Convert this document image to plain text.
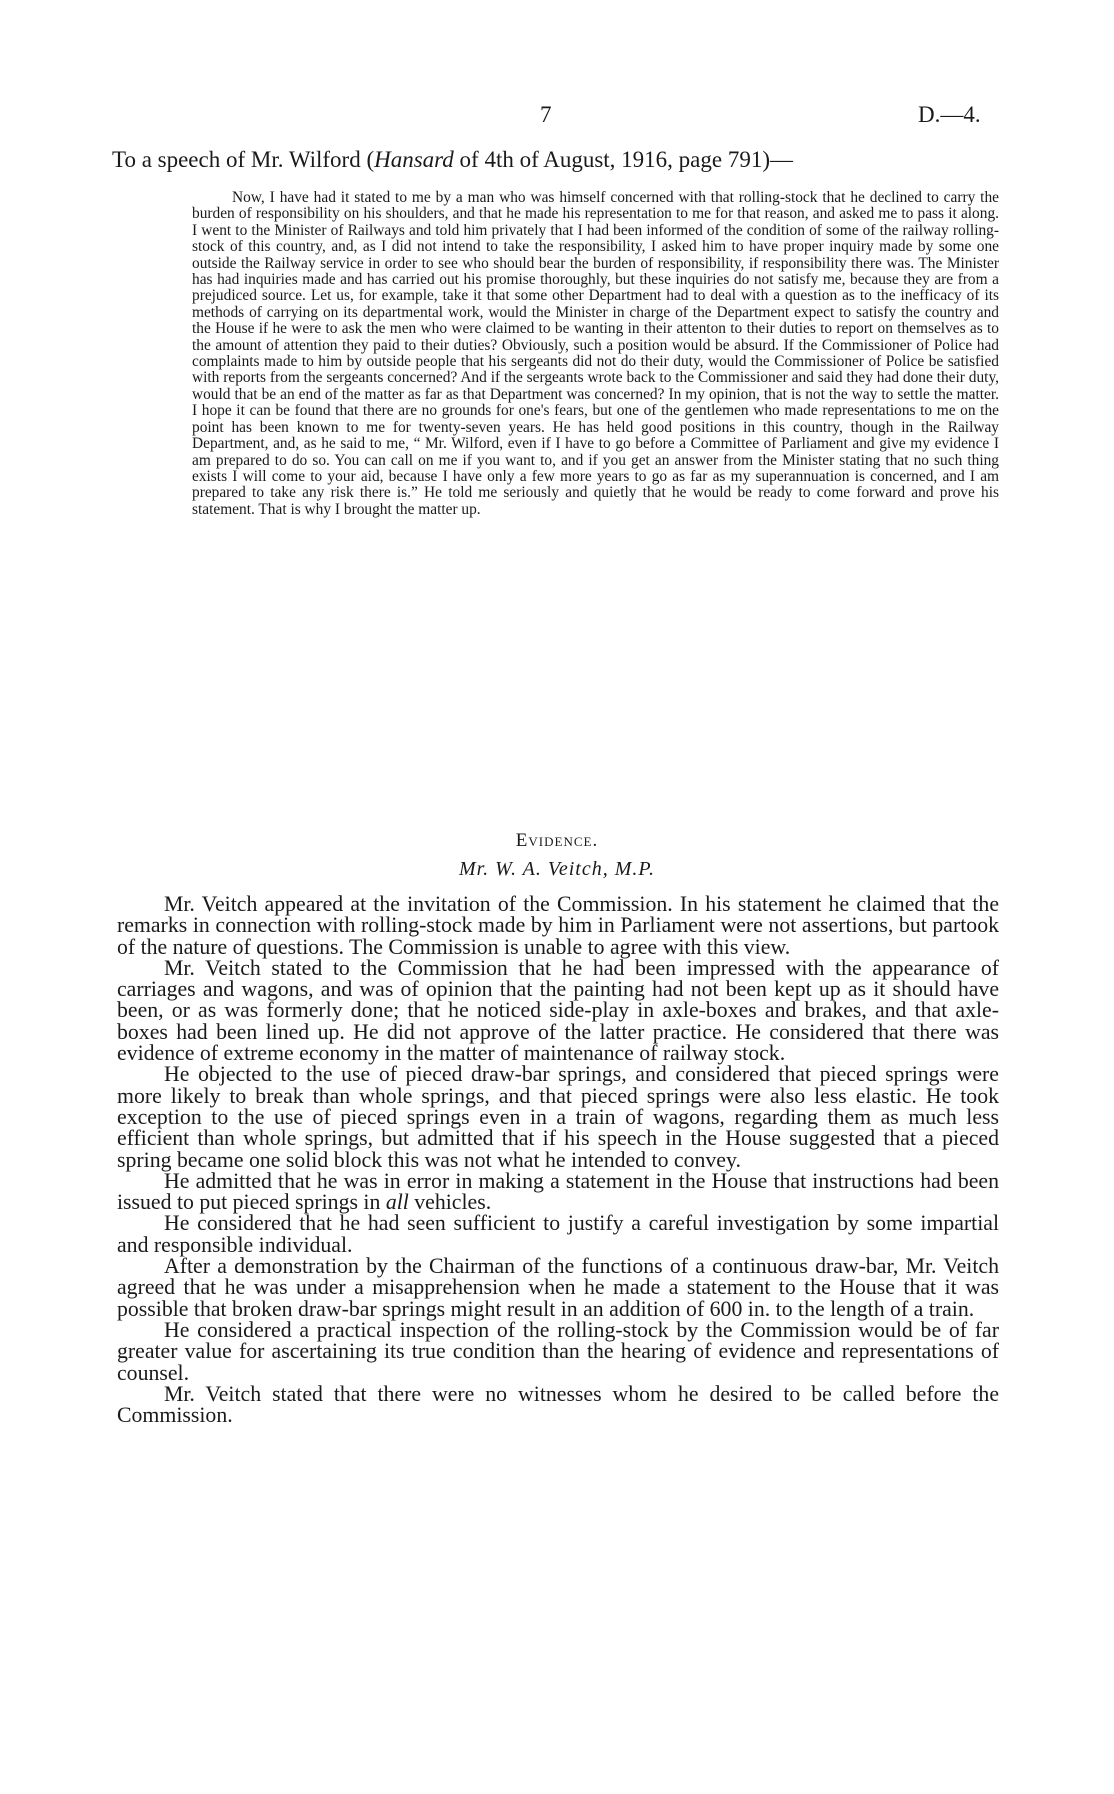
7	D.—4.
To a speech of Mr. Wilford (Hansard of 4th of August, 1916, page 791)—

Now, I have had it stated to me by a man who was himself concerned with that rolling-stock that he declined to carry the burden of responsibility on his shoulders, and that he made his representation to me for that reason, and asked me to pass it along. I went to the Minister of Railways and told him privately that I had been informed of the condition of some of the railway rolling-stock of this country, and, as I did not intend to take the responsibility, I asked him to have proper inquiry made by some one outside the Railway service in order to see who should bear the burden of responsibility, if responsibility there was. The Minister has had inquiries made and has carried out his promise thoroughly, but these inquiries do not satisfy me, because they are from a prejudiced source. Let us, for example, take it that some other Department had to deal with a question as to the inefficacy of its methods of carrying on its departmental work, would the Minister in charge of the Department expect to satisfy the country and the House if he were to ask the men who were claimed to be wanting in their attenton to their duties to report on themselves as to the amount of attention they paid to their duties? Obviously, such a position would be absurd. If the Commissioner of Police had complaints made to him by outside people that his sergeants did not do their duty, would the Commissioner of Police be satisfied with reports from the sergeants concerned? And if the sergeants wrote back to the Commissioner and said they had done their duty, would that be an end of the matter as far as that Department was concerned? In my opinion, that is not the way to settle the matter. I hope it can be found that there are no grounds for one's fears, but one of the gentlemen who made representations to me on the point has been known to me for twenty-seven years. He has held good positions in this country, though in the Railway Department, and, as he said to me, “ Mr. Wilford, even if I have to go before a Committee of Parliament and give my evidence I am prepared to do so. You can call on me if you want to, and if you get an answer from the Minister stating that no such thing exists I will come to your aid, because I have only a few more years to go as far as my superannuation is concerned, and I am prepared to take any risk there is.” He told me seriously and quietly that he would be ready to come forward and prove his statement. That is why I brought the matter up.

Evidence.
Mr. W. A. Veitch, M.P.

Mr. Veitch appeared at the invitation of the Commission. In his statement he claimed that the remarks in connection with rolling-stock made by him in Parliament were not assertions, but partook of the nature of questions. The Commission is unable to agree with this view.

Mr. Veitch stated to the Commission that he had been impressed with the appearance of carriages and wagons, and was of opinion that the painting had not been kept up as it should have been, or as was formerly done; that he noticed side-play in axle-boxes and brakes, and that axle-boxes had been lined up. He did not approve of the latter practice. He considered that there was evidence of extreme economy in the matter of maintenance of railway stock.

He objected to the use of pieced draw-bar springs, and considered that pieced springs were more likely to break than whole springs, and that pieced springs were also less elastic. He took exception to the use of pieced springs even in a train of wagons, regarding them as much less efficient than whole springs, but admitted that if his speech in the House suggested that a pieced spring became one solid block this was not what he intended to convey.

He admitted that he was in error in making a statement in the House that instructions had been issued to put pieced springs in all vehicles.

He considered that he had seen sufficient to justify a careful investigation by some impartial and responsible individual.

After a demonstration by the Chairman of the functions of a continuous draw-bar, Mr. Veitch agreed that he was under a misapprehension when he made a statement to the House that it was possible that broken draw-bar springs might result in an addition of 600 in. to the length of a train.

He considered a practical inspection of the rolling-stock by the Commission would be of far greater value for ascertaining its true condition than the hearing of evidence and representations of counsel.

Mr. Veitch stated that there were no witnesses whom he desired to be called before the Commission.
